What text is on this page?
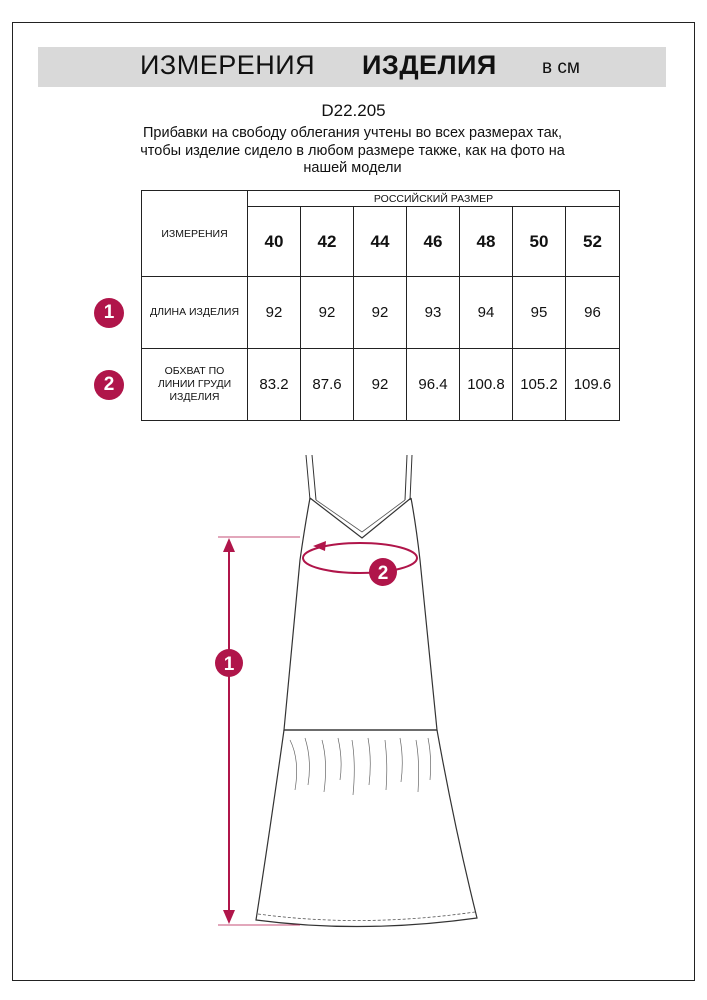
ИЗМЕРЕНИЯ ИЗДЕЛИЯ в см
D22.205
Прибавки на свободу облегания учтены во всех размерах так,
чтобы изделие сидело в любом размере также, как на фото на
нашей модели
ИЗМЕРЕНИЯ	РОССИЙСКИЙ РАЗМЕР						
	40	42	44	46	48	50	52
ДЛИНА ИЗДЕЛИЯ	92	92	92	93	94	95	96

ОБХВАТ ПО
ЛИНИИ ГРУДИ
ИЗДЕЛИЯ	83.2	87.6	92	96.4	100.8	105.2	109.6
1
2
1
2
